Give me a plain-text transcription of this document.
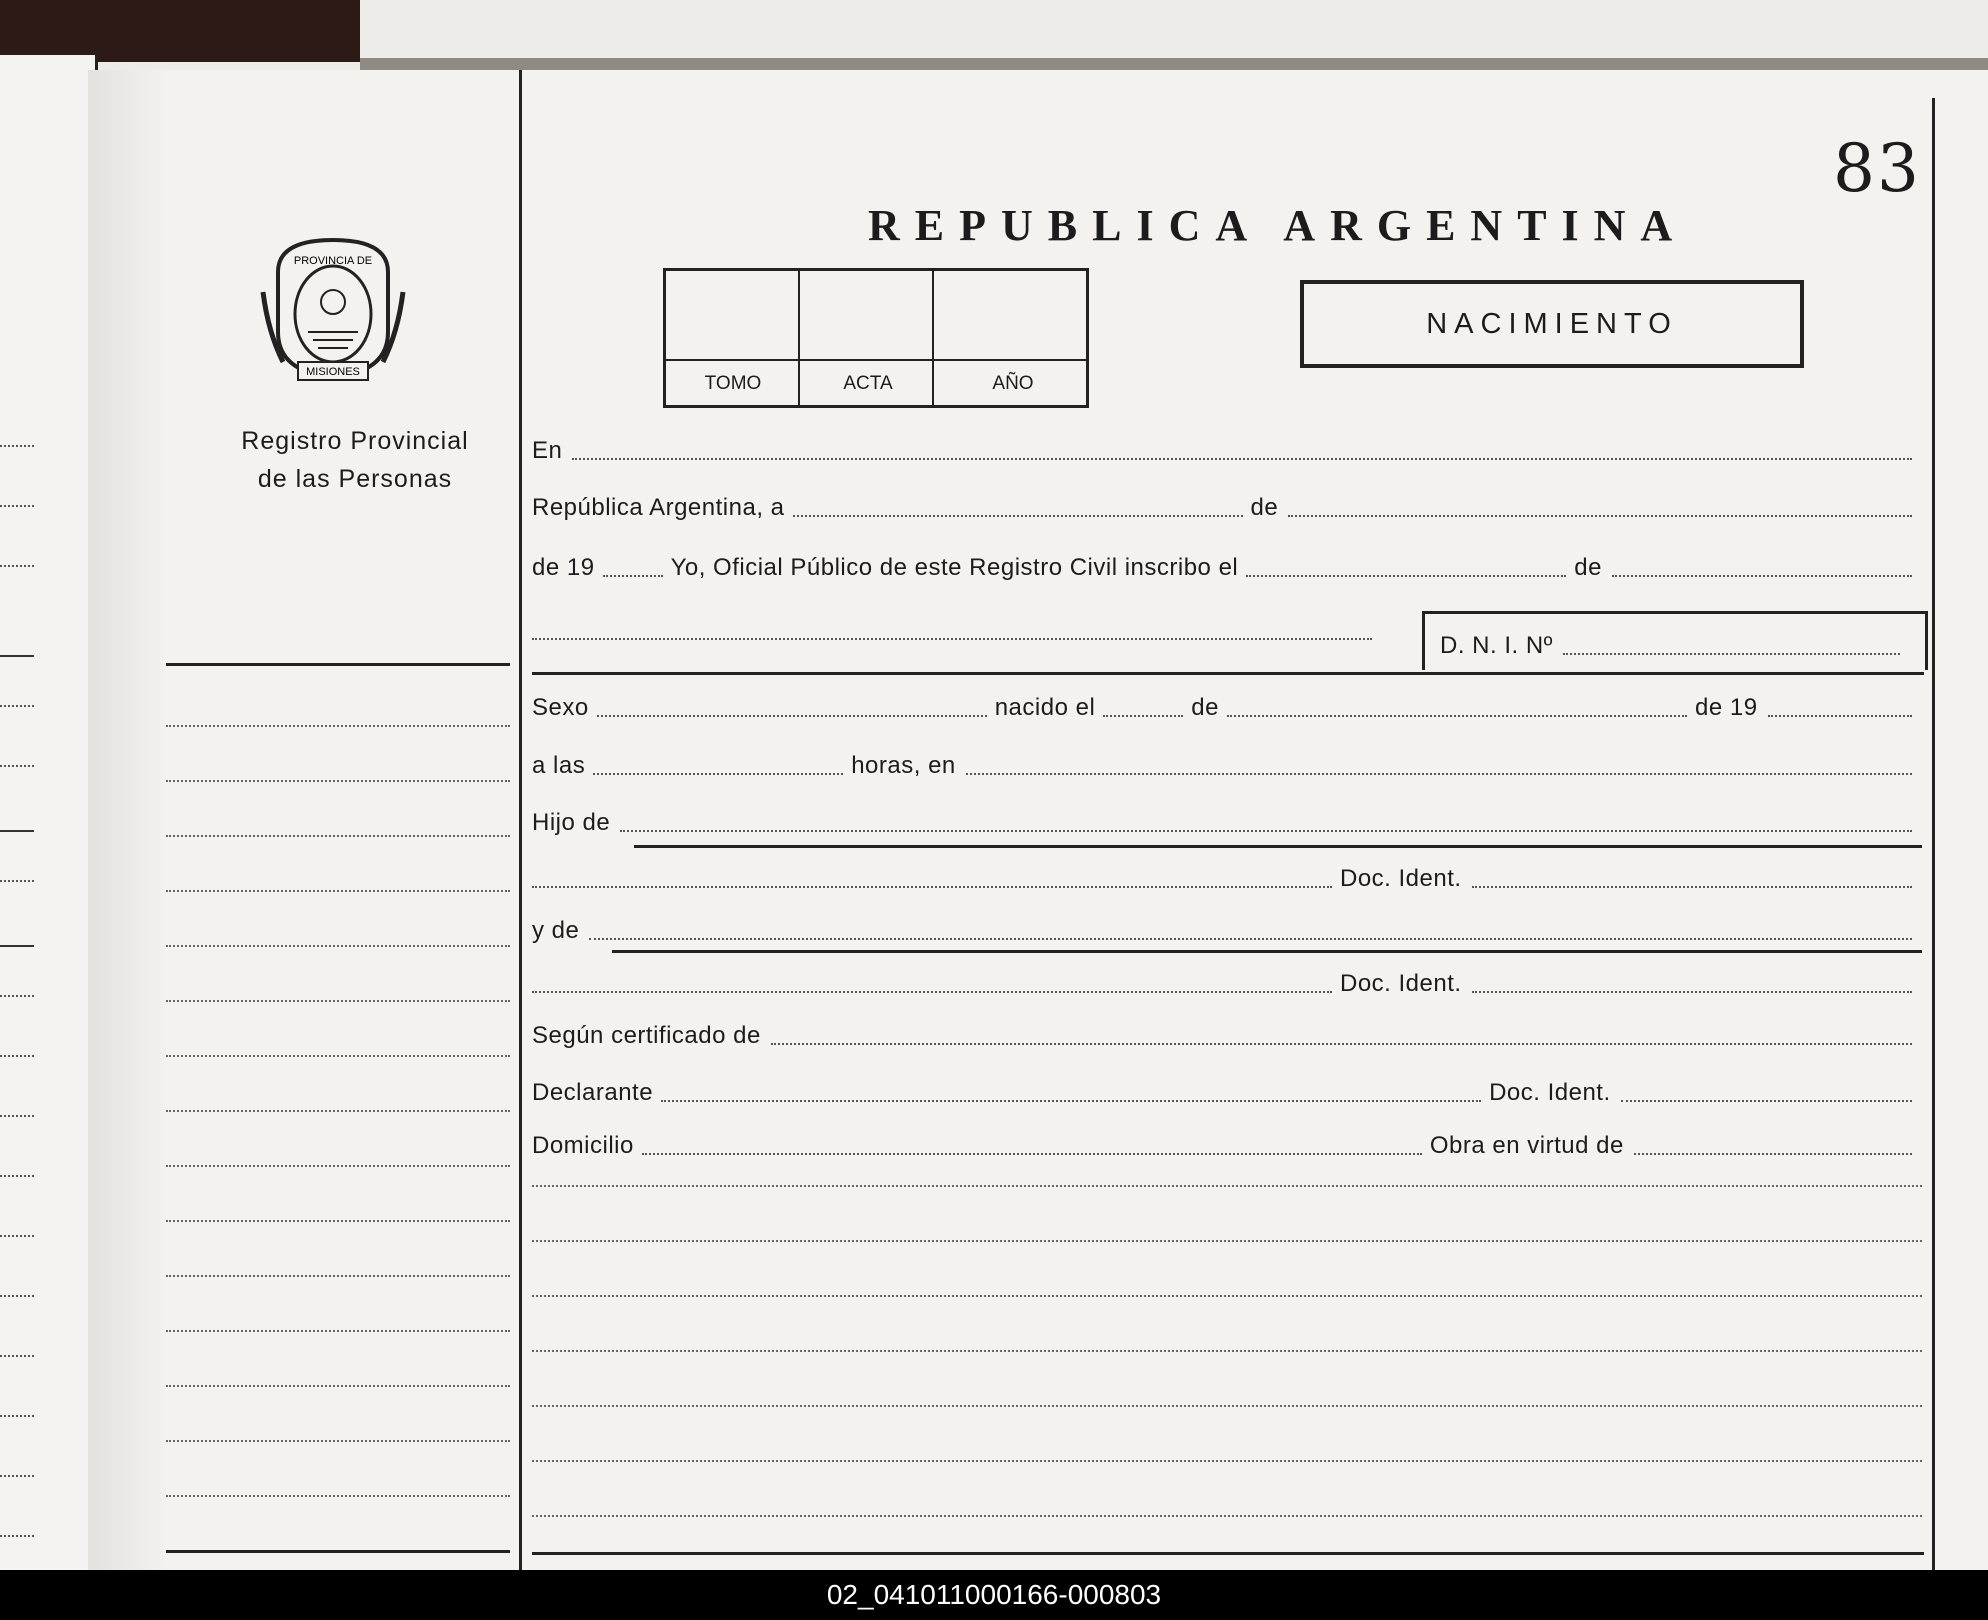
83
PROVINCIA DE
MISIONES
Registro Provincial
de las Personas
REPUBLICA ARGENTINA
TOMO	ACTA	AÑO
NACIMIENTO
En
República Argentina, a	de
de 19	Yo, Oficial Público de este Registro Civil inscribo el	de
D. N. I. Nº
Sexo	nacido el	de	de 19
a las	horas, en
Hijo de
Doc. Ident.
y de
Doc. Ident.
Según certificado de
Declarante	Doc. Ident.
Domicilio	Obra en virtud de
02_041011000166-000803
